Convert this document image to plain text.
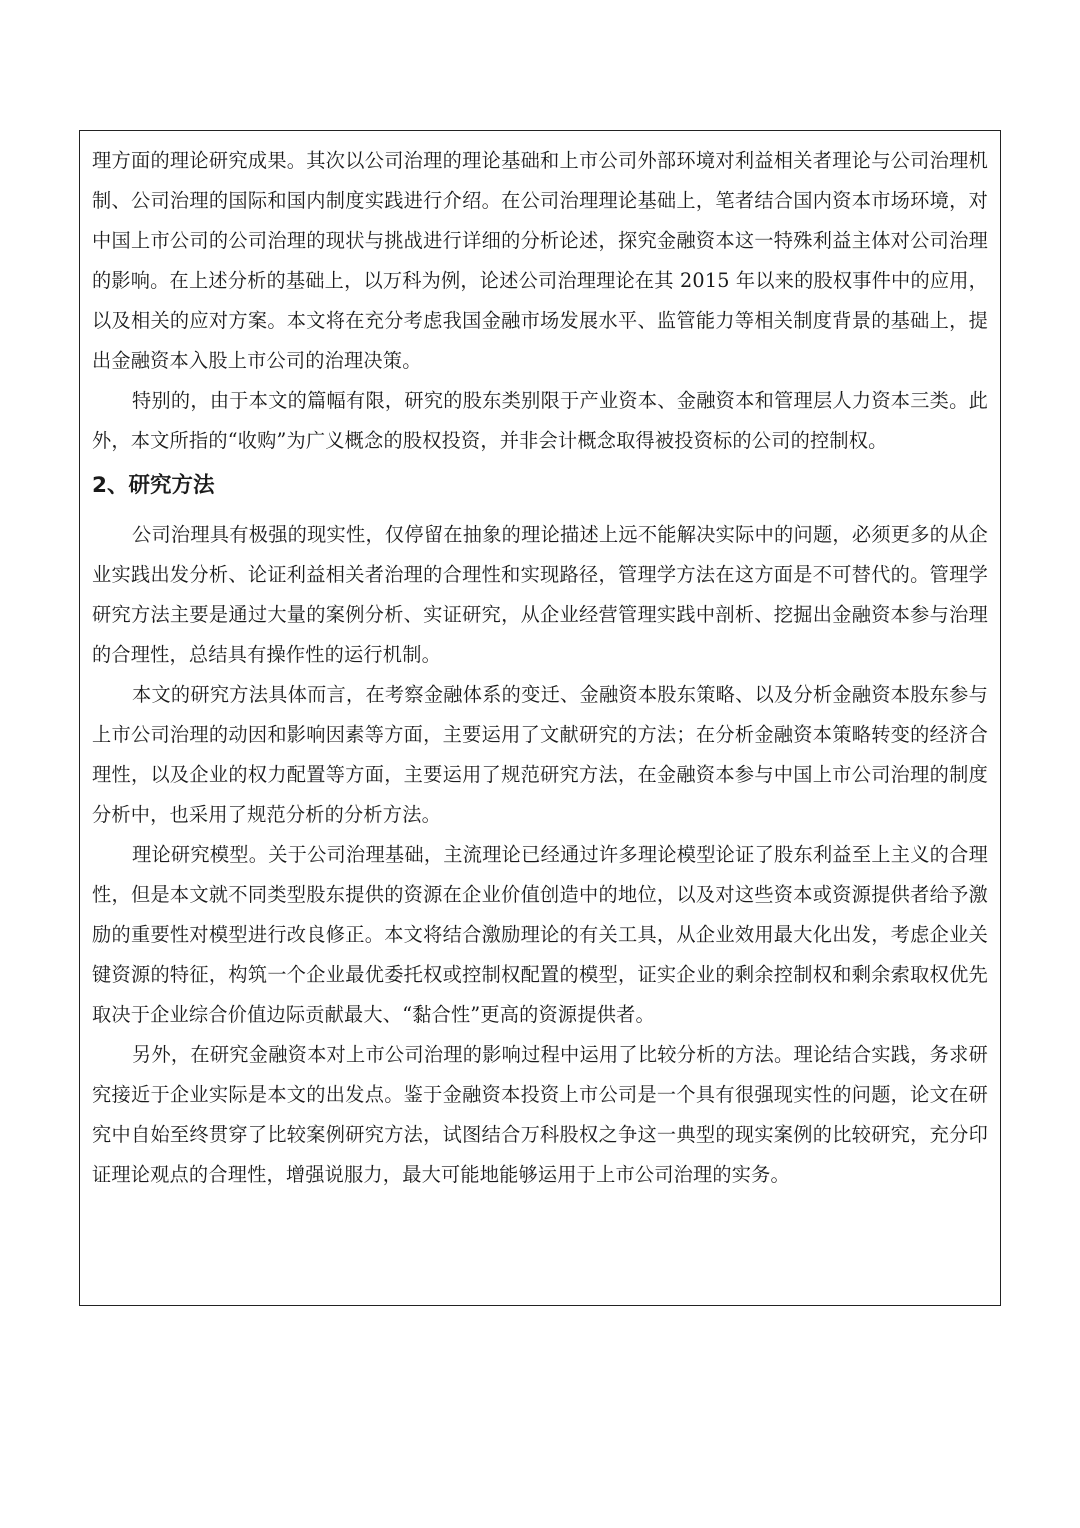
理方面的理论研究成果。其次以公司治理的理论基础和上市公司外部环境对利益相关者理论与公司治理机制、公司治理的国际和国内制度实践进行介绍。在公司治理理论基础上，笔者结合国内资本市场环境，对中国上市公司的公司治理的现状与挑战进行详细的分析论述，探究金融资本这一特殊利益主体对公司治理的影响。在上述分析的基础上，以万科为例，论述公司治理理论在其 2015 年以来的股权事件中的应用，以及相关的应对方案。本文将在充分考虑我国金融市场发展水平、监管能力等相关制度背景的基础上，提出金融资本入股上市公司的治理决策。

特别的，由于本文的篇幅有限，研究的股东类别限于产业资本、金融资本和管理层人力资本三类。此外，本文所指的“收购”为广义概念的股权投资，并非会计概念取得被投资标的公司的控制权。

2、研究方法

公司治理具有极强的现实性，仅停留在抽象的理论描述上远不能解决实际中的问题，必须更多的从企业实践出发分析、论证利益相关者治理的合理性和实现路径，管理学方法在这方面是不可替代的。管理学研究方法主要是通过大量的案例分析、实证研究，从企业经营管理实践中剖析、挖掘出金融资本参与治理的合理性，总结具有操作性的运行机制。

本文的研究方法具体而言，在考察金融体系的变迁、金融资本股东策略、以及分析金融资本股东参与上市公司治理的动因和影响因素等方面，主要运用了文献研究的方法；在分析金融资本策略转变的经济合理性，以及企业的权力配置等方面，主要运用了规范研究方法，在金融资本参与中国上市公司治理的制度分析中，也采用了规范分析的分析方法。

理论研究模型。关于公司治理基础，主流理论已经通过许多理论模型论证了股东利益至上主义的合理性，但是本文就不同类型股东提供的资源在企业价值创造中的地位，以及对这些资本或资源提供者给予激励的重要性对模型进行改良修正。本文将结合激励理论的有关工具，从企业效用最大化出发，考虑企业关键资源的特征，构筑一个企业最优委托权或控制权配置的模型，证实企业的剩余控制权和剩余索取权优先取决于企业综合价值边际贡献最大、“黏合性”更高的资源提供者。

另外，在研究金融资本对上市公司治理的影响过程中运用了比较分析的方法。理论结合实践，务求研究接近于企业实际是本文的出发点。鉴于金融资本投资上市公司是一个具有很强现实性的问题，论文在研究中自始至终贯穿了比较案例研究方法，试图结合万科股权之争这一典型的现实案例的比较研究，充分印证理论观点的合理性，增强说服力，最大可能地能够运用于上市公司治理的实务。
